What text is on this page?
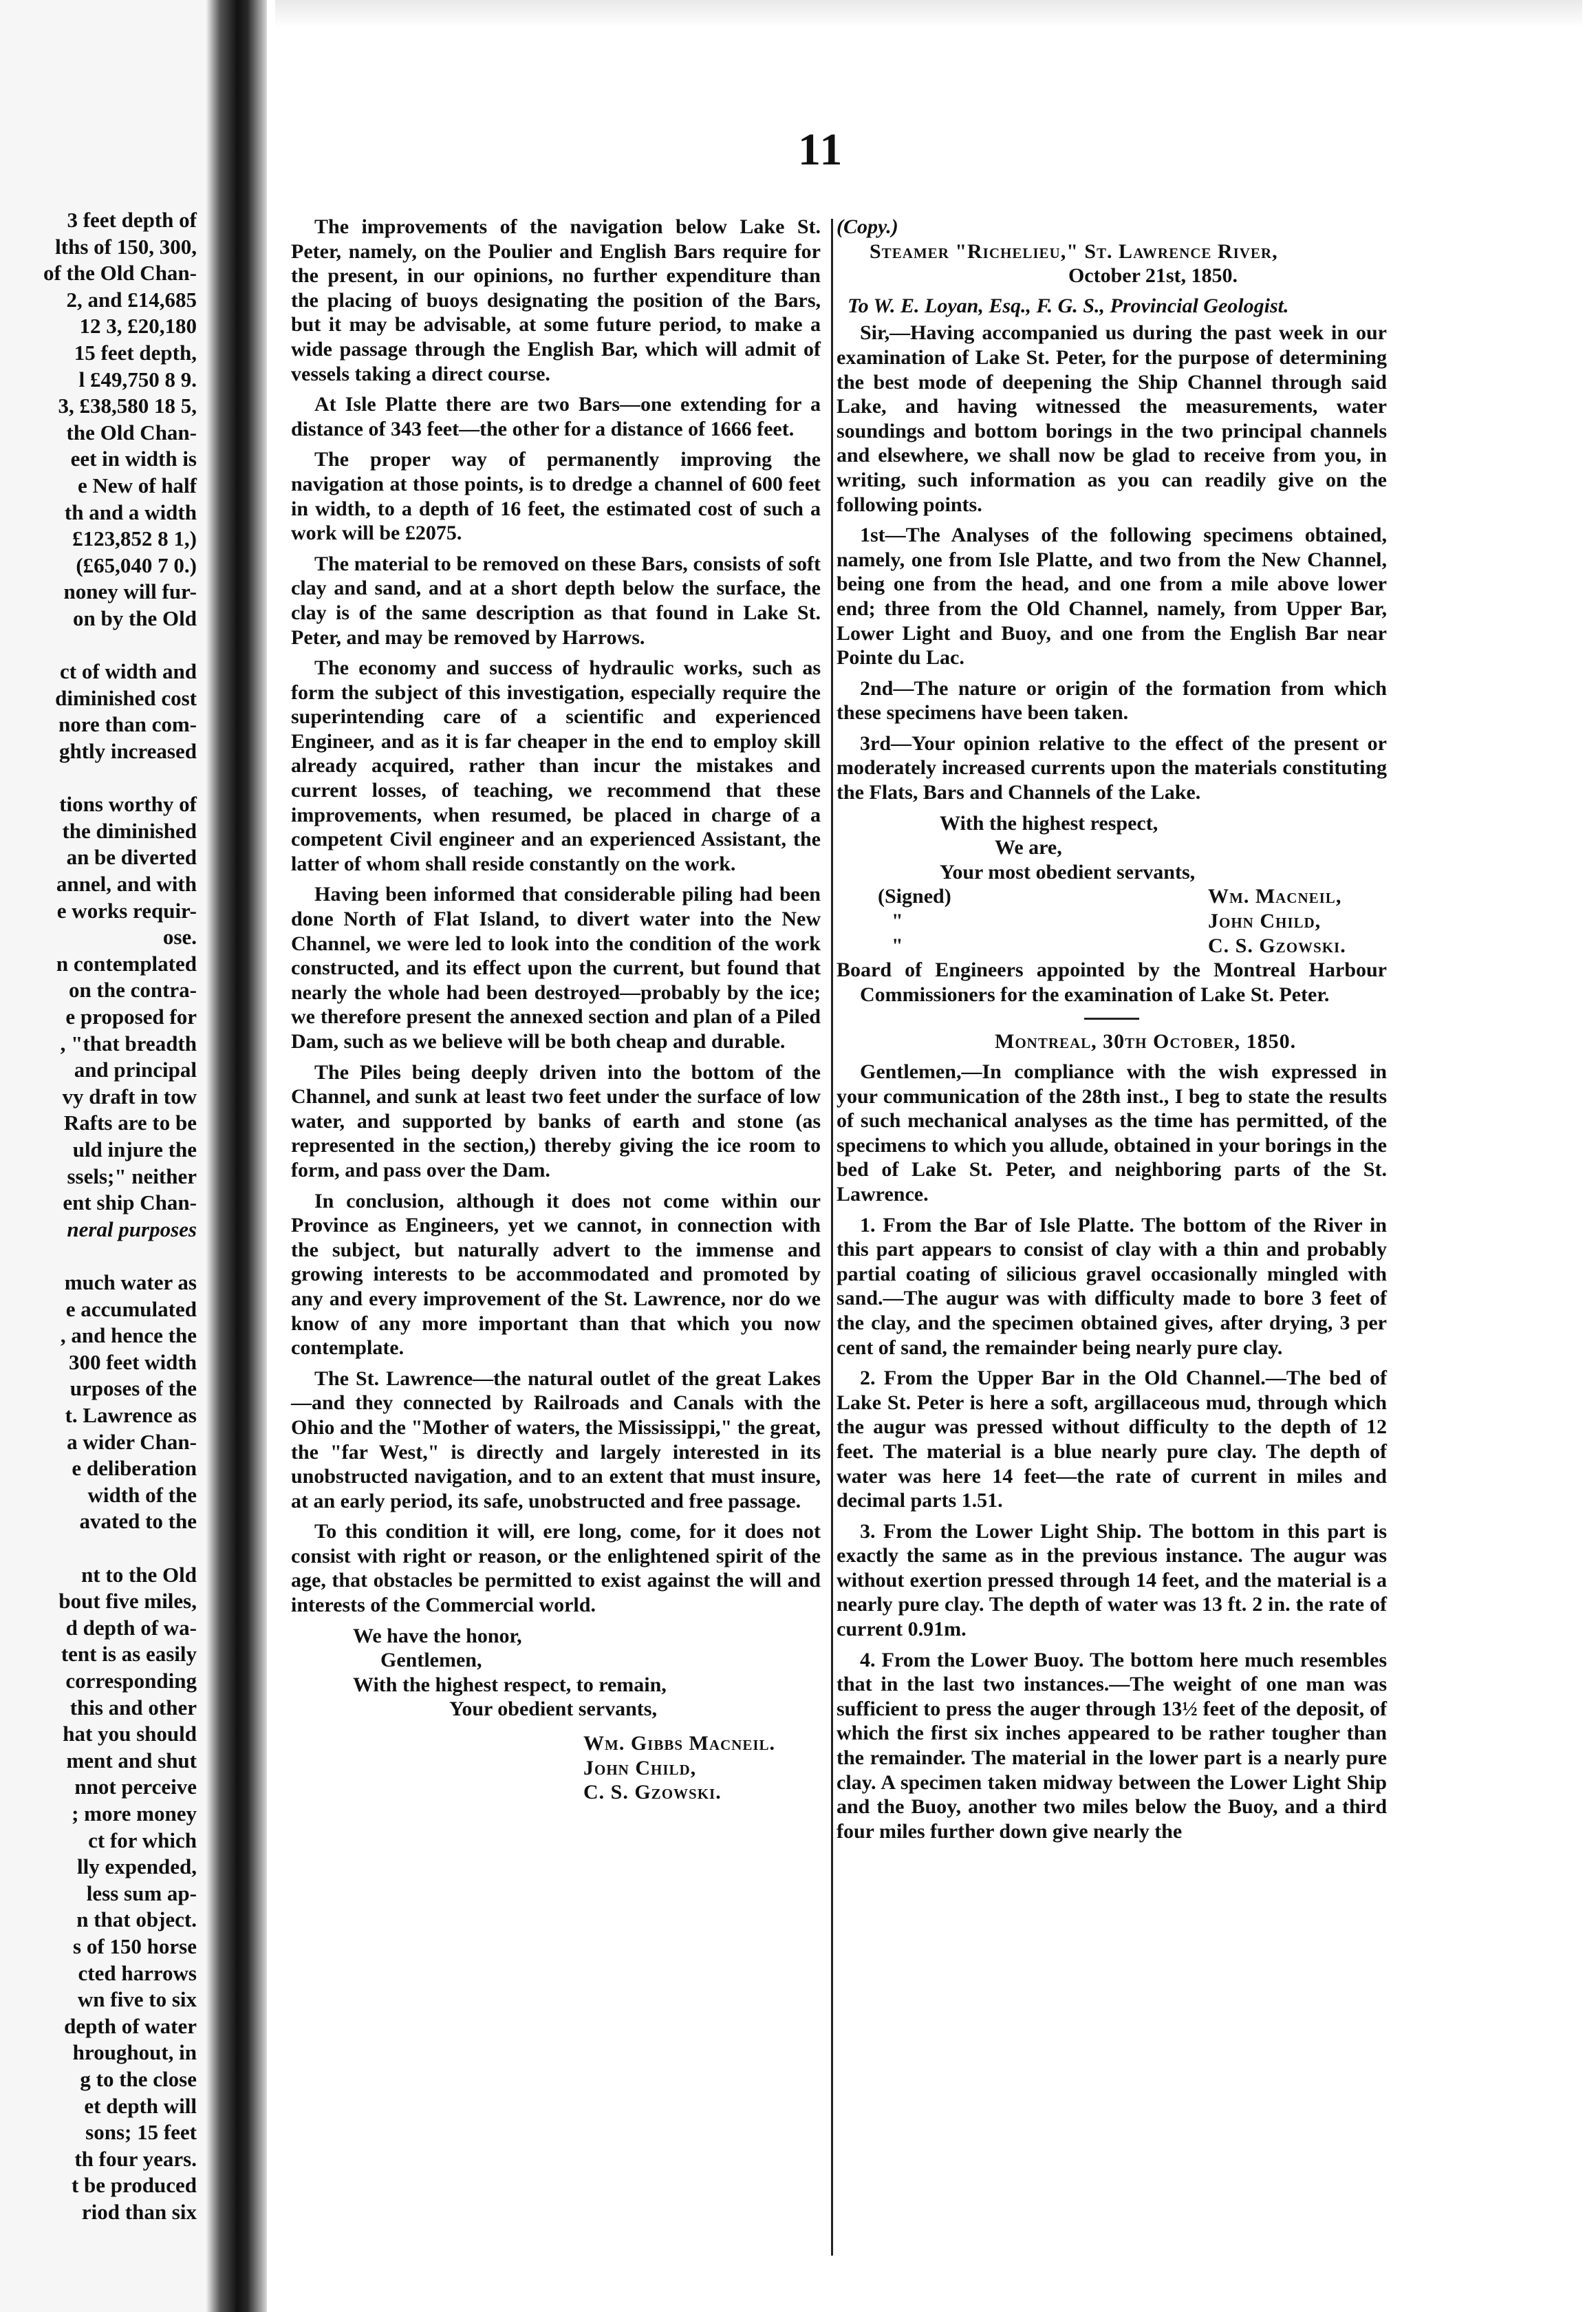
3 feet depth of
lths of 150, 300,
of the Old Chan-
2, and £14,685
12 3, £20,180
15 feet depth,
l £49,750 8 9.
3, £38,580 18 5,
the Old Chan-
eet in width is
e New of half
th and a width
£123,852 8 1,)
(£65,040 7 0.)
noney will fur-
on by the Old
ct of width and
diminished cost
nore than com-
ghtly increased
tions worthy of
the diminished
an be diverted
annel, and with
e works requir-
ose.
n contemplated
on the contra-
e proposed for
, "that breadth
and principal
vy draft in tow
Rafts are to be
uld injure the
ssels;" neither
ent ship Chan-
neral purposes
much water as
e accumulated
, and hence the
300 feet width
urposes of the
t. Lawrence as
a wider Chan-
e deliberation
width of the
avated to the
nt to the Old
bout five miles,
d depth of wa-
tent is as easily
corresponding
this and other
hat you should
ment and shut
nnot perceive
; more money
ct for which
lly expended,
less sum ap-
n that object.
s of 150 horse
cted harrows
wn five to six
depth of water
hroughout, in
g to the close
et depth will
sons; 15 feet
th four years.
t be produced
riod than six
11

The improvements of the navigation below Lake St. Peter, namely, on the Poulier and English Bars require for the present, in our opinions, no further expenditure than the placing of buoys designating the position of the Bars, but it may be advisable, at some future period, to make a wide passage through the English Bar, which will admit of vessels taking a direct course.

At Isle Platte there are two Bars—one extending for a distance of 343 feet—the other for a distance of 1666 feet.

The proper way of permanently improving the navigation at those points, is to dredge a channel of 600 feet in width, to a depth of 16 feet, the estimated cost of such a work will be £2075.

The material to be removed on these Bars, consists of soft clay and sand, and at a short depth below the surface, the clay is of the same description as that found in Lake St. Peter, and may be removed by Harrows.

The economy and success of hydraulic works, such as form the subject of this investigation, especially require the superintending care of a scientific and experienced Engineer, and as it is far cheaper in the end to employ skill already acquired, rather than incur the mistakes and current losses, of teaching, we recommend that these improvements, when resumed, be placed in charge of a competent Civil engineer and an experienced Assistant, the latter of whom shall reside constantly on the work.

Having been informed that considerable piling had been done North of Flat Island, to divert water into the New Channel, we were led to look into the condition of the work constructed, and its effect upon the current, but found that nearly the whole had been destroyed—probably by the ice; we therefore present the annexed section and plan of a Piled Dam, such as we believe will be both cheap and durable.

The Piles being deeply driven into the bottom of the Channel, and sunk at least two feet under the surface of low water, and supported by banks of earth and stone (as represented in the section,) thereby giving the ice room to form, and pass over the Dam.

In conclusion, although it does not come within our Province as Engineers, yet we cannot, in connection with the subject, but naturally advert to the immense and growing interests to be accommodated and promoted by any and every improvement of the St. Lawrence, nor do we know of any more important than that which you now contemplate.

The St. Lawrence—the natural outlet of the great Lakes—and they connected by Railroads and Canals with the Ohio and the "Mother of waters, the Mississippi," the great, the "far West," is directly and largely interested in its unobstructed navigation, and to an extent that must insure, at an early period, its safe, unobstructed and free passage.

To this condition it will, ere long, come, for it does not consist with right or reason, or the enlightened spirit of the age, that obstacles be permitted to exist against the will and interests of the Commercial world.

We have the honor,

Gentlemen,

With the highest respect, to remain,

Your obedient servants,

Wm. Gibbs Macneil.

John Child,

C. S. Gzowski.

(Copy.)

Steamer "Richelieu," St. Lawrence River,

October 21st, 1850.

To W. E. Loyan, Esq., F. G. S., Provincial Geologist.

Sir,—Having accompanied us during the past week in our examination of Lake St. Peter, for the purpose of determining the best mode of deepening the Ship Channel through said Lake, and having witnessed the measurements, water soundings and bottom borings in the two principal channels and elsewhere, we shall now be glad to receive from you, in writing, such information as you can readily give on the following points.

1st—The Analyses of the following specimens obtained, namely, one from Isle Platte, and two from the New Channel, being one from the head, and one from a mile above lower end; three from the Old Channel, namely, from Upper Bar, Lower Light and Buoy, and one from the English Bar near Pointe du Lac.

2nd—The nature or origin of the formation from which these specimens have been taken.

3rd—Your opinion relative to the effect of the present or moderately increased currents upon the materials constituting the Flats, Bars and Channels of the Lake.

With the highest respect,

We are,

Your most obedient servants,

(Signed)	Wm. Macneil,
"	John Child,
"	C. S. Gzowski.

Board of Engineers appointed by the Montreal Harbour Commissioners for the examination of Lake St. Peter.

Montreal, 30th October, 1850.

Gentlemen,—In compliance with the wish expressed in your communication of the 28th inst., I beg to state the results of such mechanical analyses as the time has permitted, of the specimens to which you allude, obtained in your borings in the bed of Lake St. Peter, and neighboring parts of the St. Lawrence.

1. From the Bar of Isle Platte. The bottom of the River in this part appears to consist of clay with a thin and probably partial coating of silicious gravel occasionally mingled with sand.—The augur was with difficulty made to bore 3 feet of the clay, and the specimen obtained gives, after drying, 3 per cent of sand, the remainder being nearly pure clay.

2. From the Upper Bar in the Old Channel.—The bed of Lake St. Peter is here a soft, argillaceous mud, through which the augur was pressed without difficulty to the depth of 12 feet. The material is a blue nearly pure clay. The depth of water was here 14 feet—the rate of current in miles and decimal parts 1.51.

3. From the Lower Light Ship. The bottom in this part is exactly the same as in the previous instance. The augur was without exertion pressed through 14 feet, and the material is a nearly pure clay. The depth of water was 13 ft. 2 in. the rate of current 0.91m.

4. From the Lower Buoy. The bottom here much resembles that in the last two instances.—The weight of one man was sufficient to press the auger through 13½ feet of the deposit, of which the first six inches appeared to be rather tougher than the remainder. The material in the lower part is a nearly pure clay. A specimen taken midway between the Lower Light Ship and the Buoy, another two miles below the Buoy, and a third four miles further down give nearly the
